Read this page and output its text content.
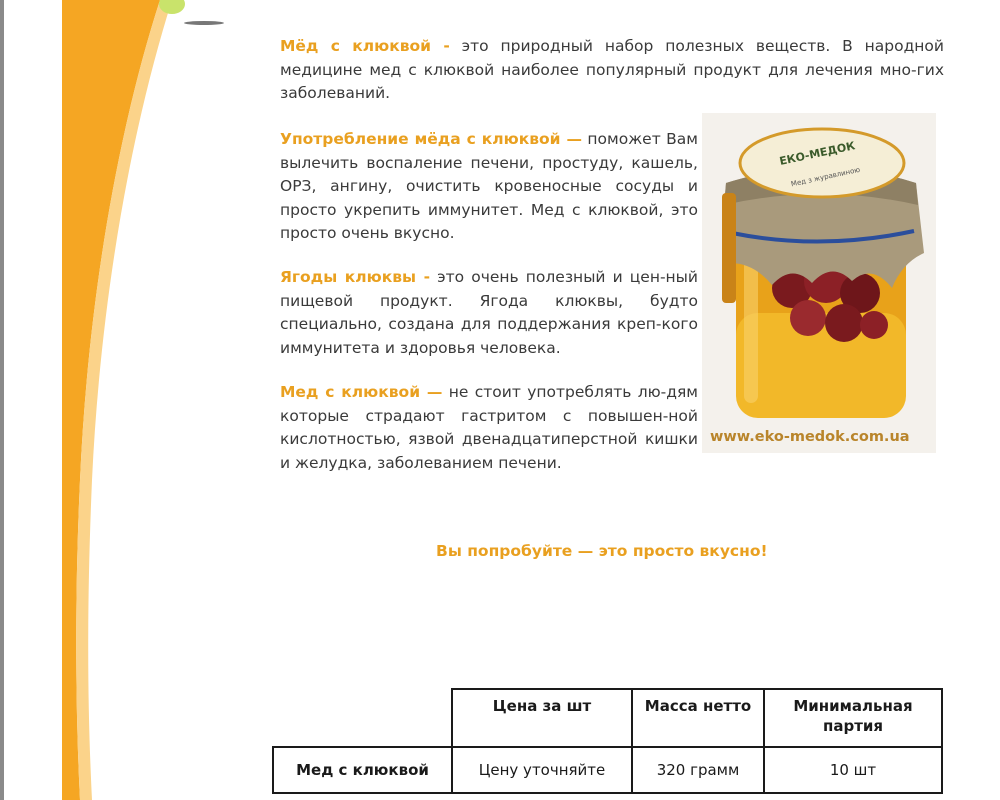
Мёд с клюквой - это природный набор полезных веществ. В народной медицине мед с клюквой наиболее популярный продукт для лечения мно-гих заболеваний.

Употребление мёда с клюквой — поможет Вам вылечить воспаление печени, простуду, кашель, ОРЗ, ангину, очистить кровеносные сосуды и просто укрепить иммунитет. Мед с клюквой, это просто очень вкусно.

Ягоды клюквы - это очень полезный и цен-ный пищевой продукт. Ягода клюквы, будто специально, создана для поддержания креп-кого иммунитета и здоровья человека.

Мед с клюквой — не стоит употреблять лю-дям которые страдают гастритом с повышен-ной кислотностью, язвой двенадцатиперстной кишки и желудка, заболеванием печени.

ЕКО-МЕДОК
Мед з журавлиною
www.eko-medok.com.ua
Вы попробуйте — это просто вкусно!
	Цена за шт	Масса нетто	Минимальная партия
Мед с клюквой	Цену уточняйте	320 грамм	10 шт
